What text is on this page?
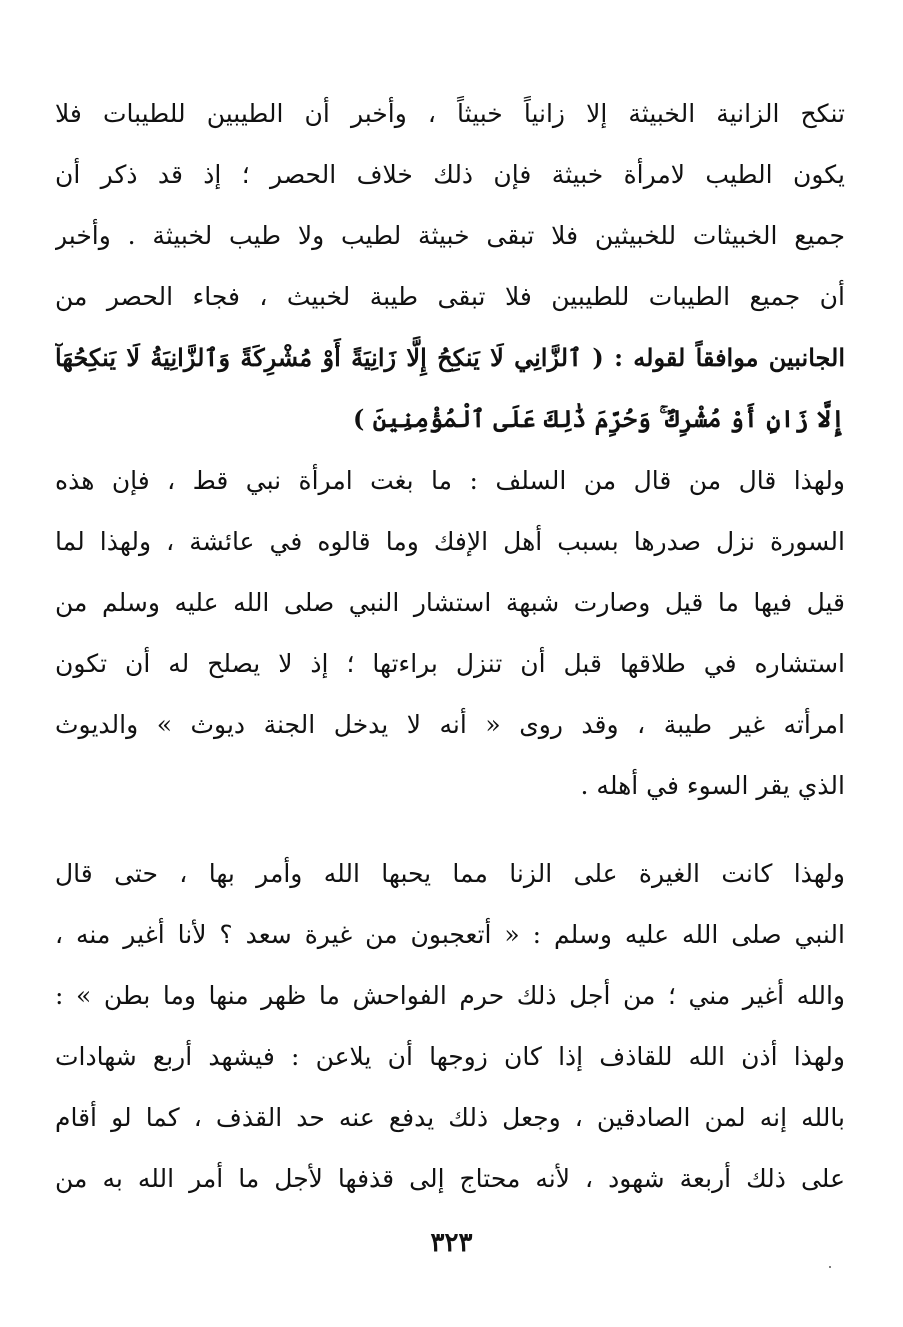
تنكح الزانية الخبيثة إلا زانياً خبيثاً ، وأخبر أن الطيبين للطيبات فلا
يكون الطيب لامرأة خبيثة فإن ذلك خلاف الحصر ؛ إذ قد ذكر أن
جميع الخبيثات للخبيثين فلا تبقى خبيثة لطيب ولا طيب لخبيثة . وأخبر
أن جميع الطيبات للطيبين فلا تبقى طيبة لخبيث ، فجاء الحصر من
الجانبين موافقاً لقوله : ( ٱلزَّانِي لَا يَنكِحُ إِلَّا زَانِيَةً أَوْ مُشْرِكَةً وَٱلزَّانِيَةُ لَا يَنكِحُهَآ
إِلَّا زَانٍ أَوْ مُشْرِكٌ ۚ وَحُرِّمَ ذَٰلِكَ عَلَى ٱلْمُؤْمِنِينَ )
ولهذا قال من قال من السلف : ما بغت امرأة نبي قط ، فإن هذه
السورة نزل صدرها بسبب أهل الإفك وما قالوه في عائشة ، ولهذا لما
قيل فيها ما قيل وصارت شبهة استشار النبي صلى الله عليه وسلم من
استشاره في طلاقها قبل أن تنزل براءتها ؛ إذ لا يصلح له أن تكون
امرأته غير طيبة ، وقد روى « أنه لا يدخل الجنة ديوث » والديوث
الذي يقر السوء في أهله .
ولهذا كانت الغيرة على الزنا مما يحبها الله وأمر بها ، حتى قال
النبي صلى الله عليه وسلم : « أتعجبون من غيرة سعد ؟ لأنا أغير منه ،
والله أغير مني ؛ من أجل ذلك حرم الفواحش ما ظهر منها وما بطن » :
ولهذا أذن الله للقاذف إذا كان زوجها أن يلاعن : فيشهد أربع شهادات
بالله إنه لمن الصادقين ، وجعل ذلك يدفع عنه حد القذف ، كما لو أقام
على ذلك أربعة شهود ، لأنه محتاج إلى قذفها لأجل ما أمر الله به من
٣٢٣
